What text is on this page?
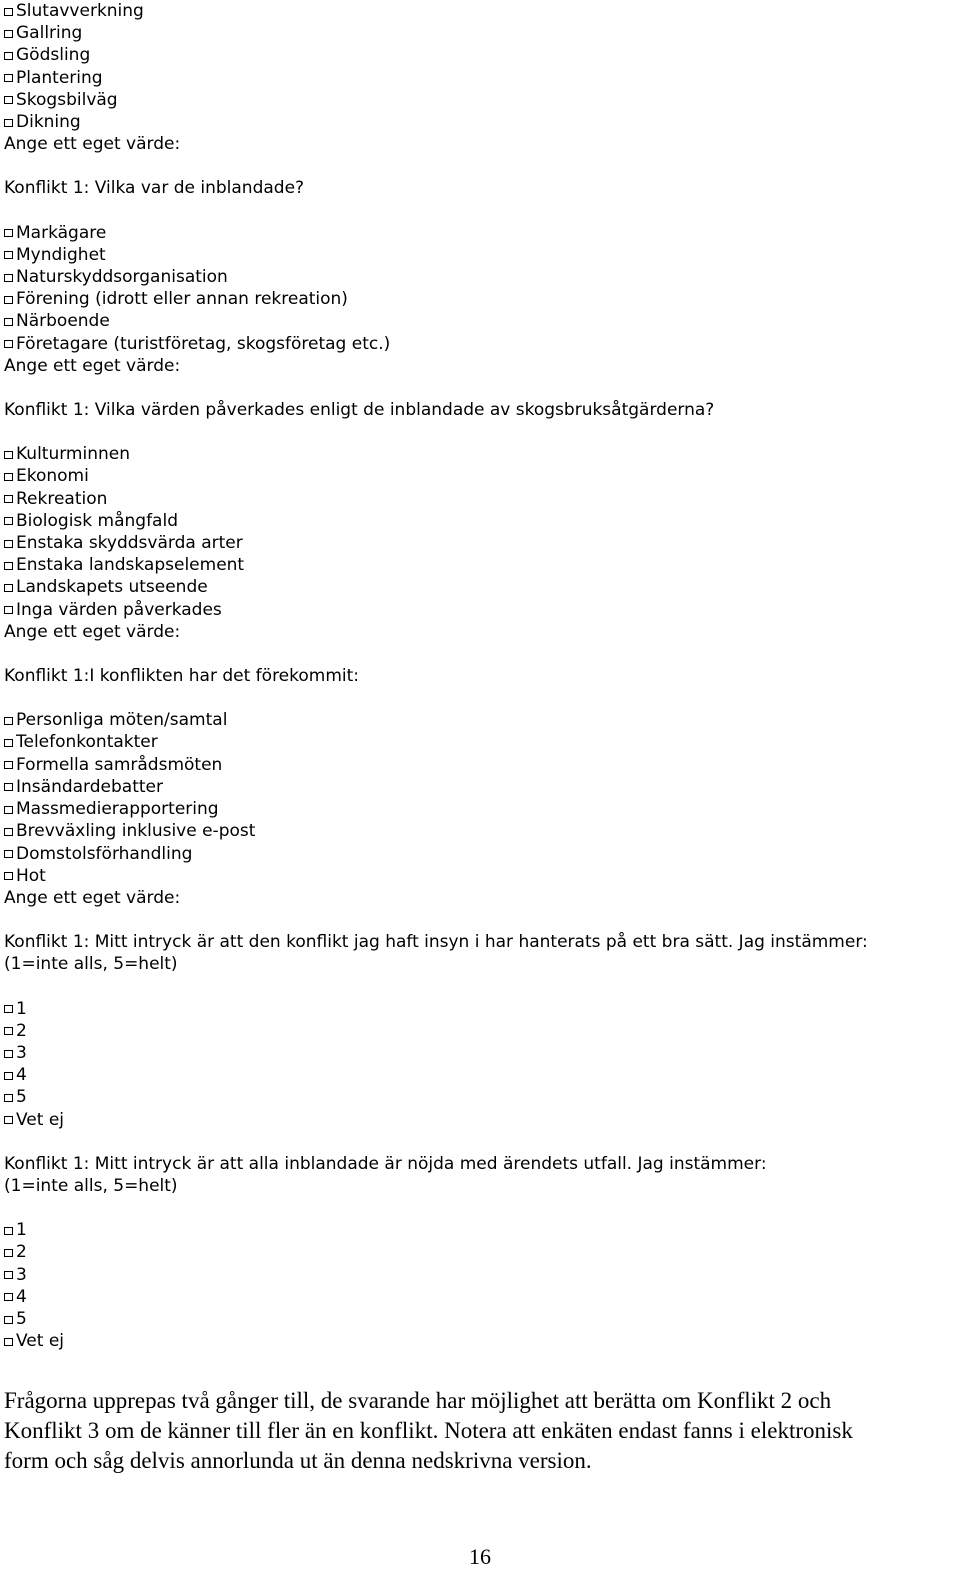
Slutavverkning
Gallring
Gödsling
Plantering
Skogsbilväg
Dikning
Ange ett eget värde:
Konflikt 1: Vilka var de inblandade?
Markägare
Myndighet
Naturskyddsorganisation
Förening (idrott eller annan rekreation)
Närboende
Företagare (turistföretag, skogsföretag etc.)
Ange ett eget värde:
Konflikt 1: Vilka värden påverkades enligt de inblandade av skogsbruksåtgärderna?
Kulturminnen
Ekonomi
Rekreation
Biologisk mångfald
Enstaka skyddsvärda arter
Enstaka landskapselement
Landskapets utseende
Inga värden påverkades
Ange ett eget värde:
Konflikt 1:I konflikten har det förekommit:
Personliga möten/samtal
Telefonkontakter
Formella samrådsmöten
Insändardebatter
Massmedierapportering
Brevväxling inklusive e-post
Domstolsförhandling
Hot
Ange ett eget värde:
Konflikt 1: Mitt intryck är att den konflikt jag haft insyn i har hanterats på ett bra sätt. Jag instämmer:
(1=inte alls, 5=helt)
1
2
3
4
5
Vet ej
Konflikt 1: Mitt intryck är att alla inblandade är nöjda med ärendets utfall. Jag instämmer:
(1=inte alls, 5=helt)
1
2
3
4
5
Vet ej
Frågorna upprepas två gånger till, de svarande har möjlighet att berätta om Konflikt 2 och
Konflikt 3 om de känner till fler än en konflikt. Notera att enkäten endast fanns i elektronisk
form och såg delvis annorlunda ut än denna nedskrivna version.
16
